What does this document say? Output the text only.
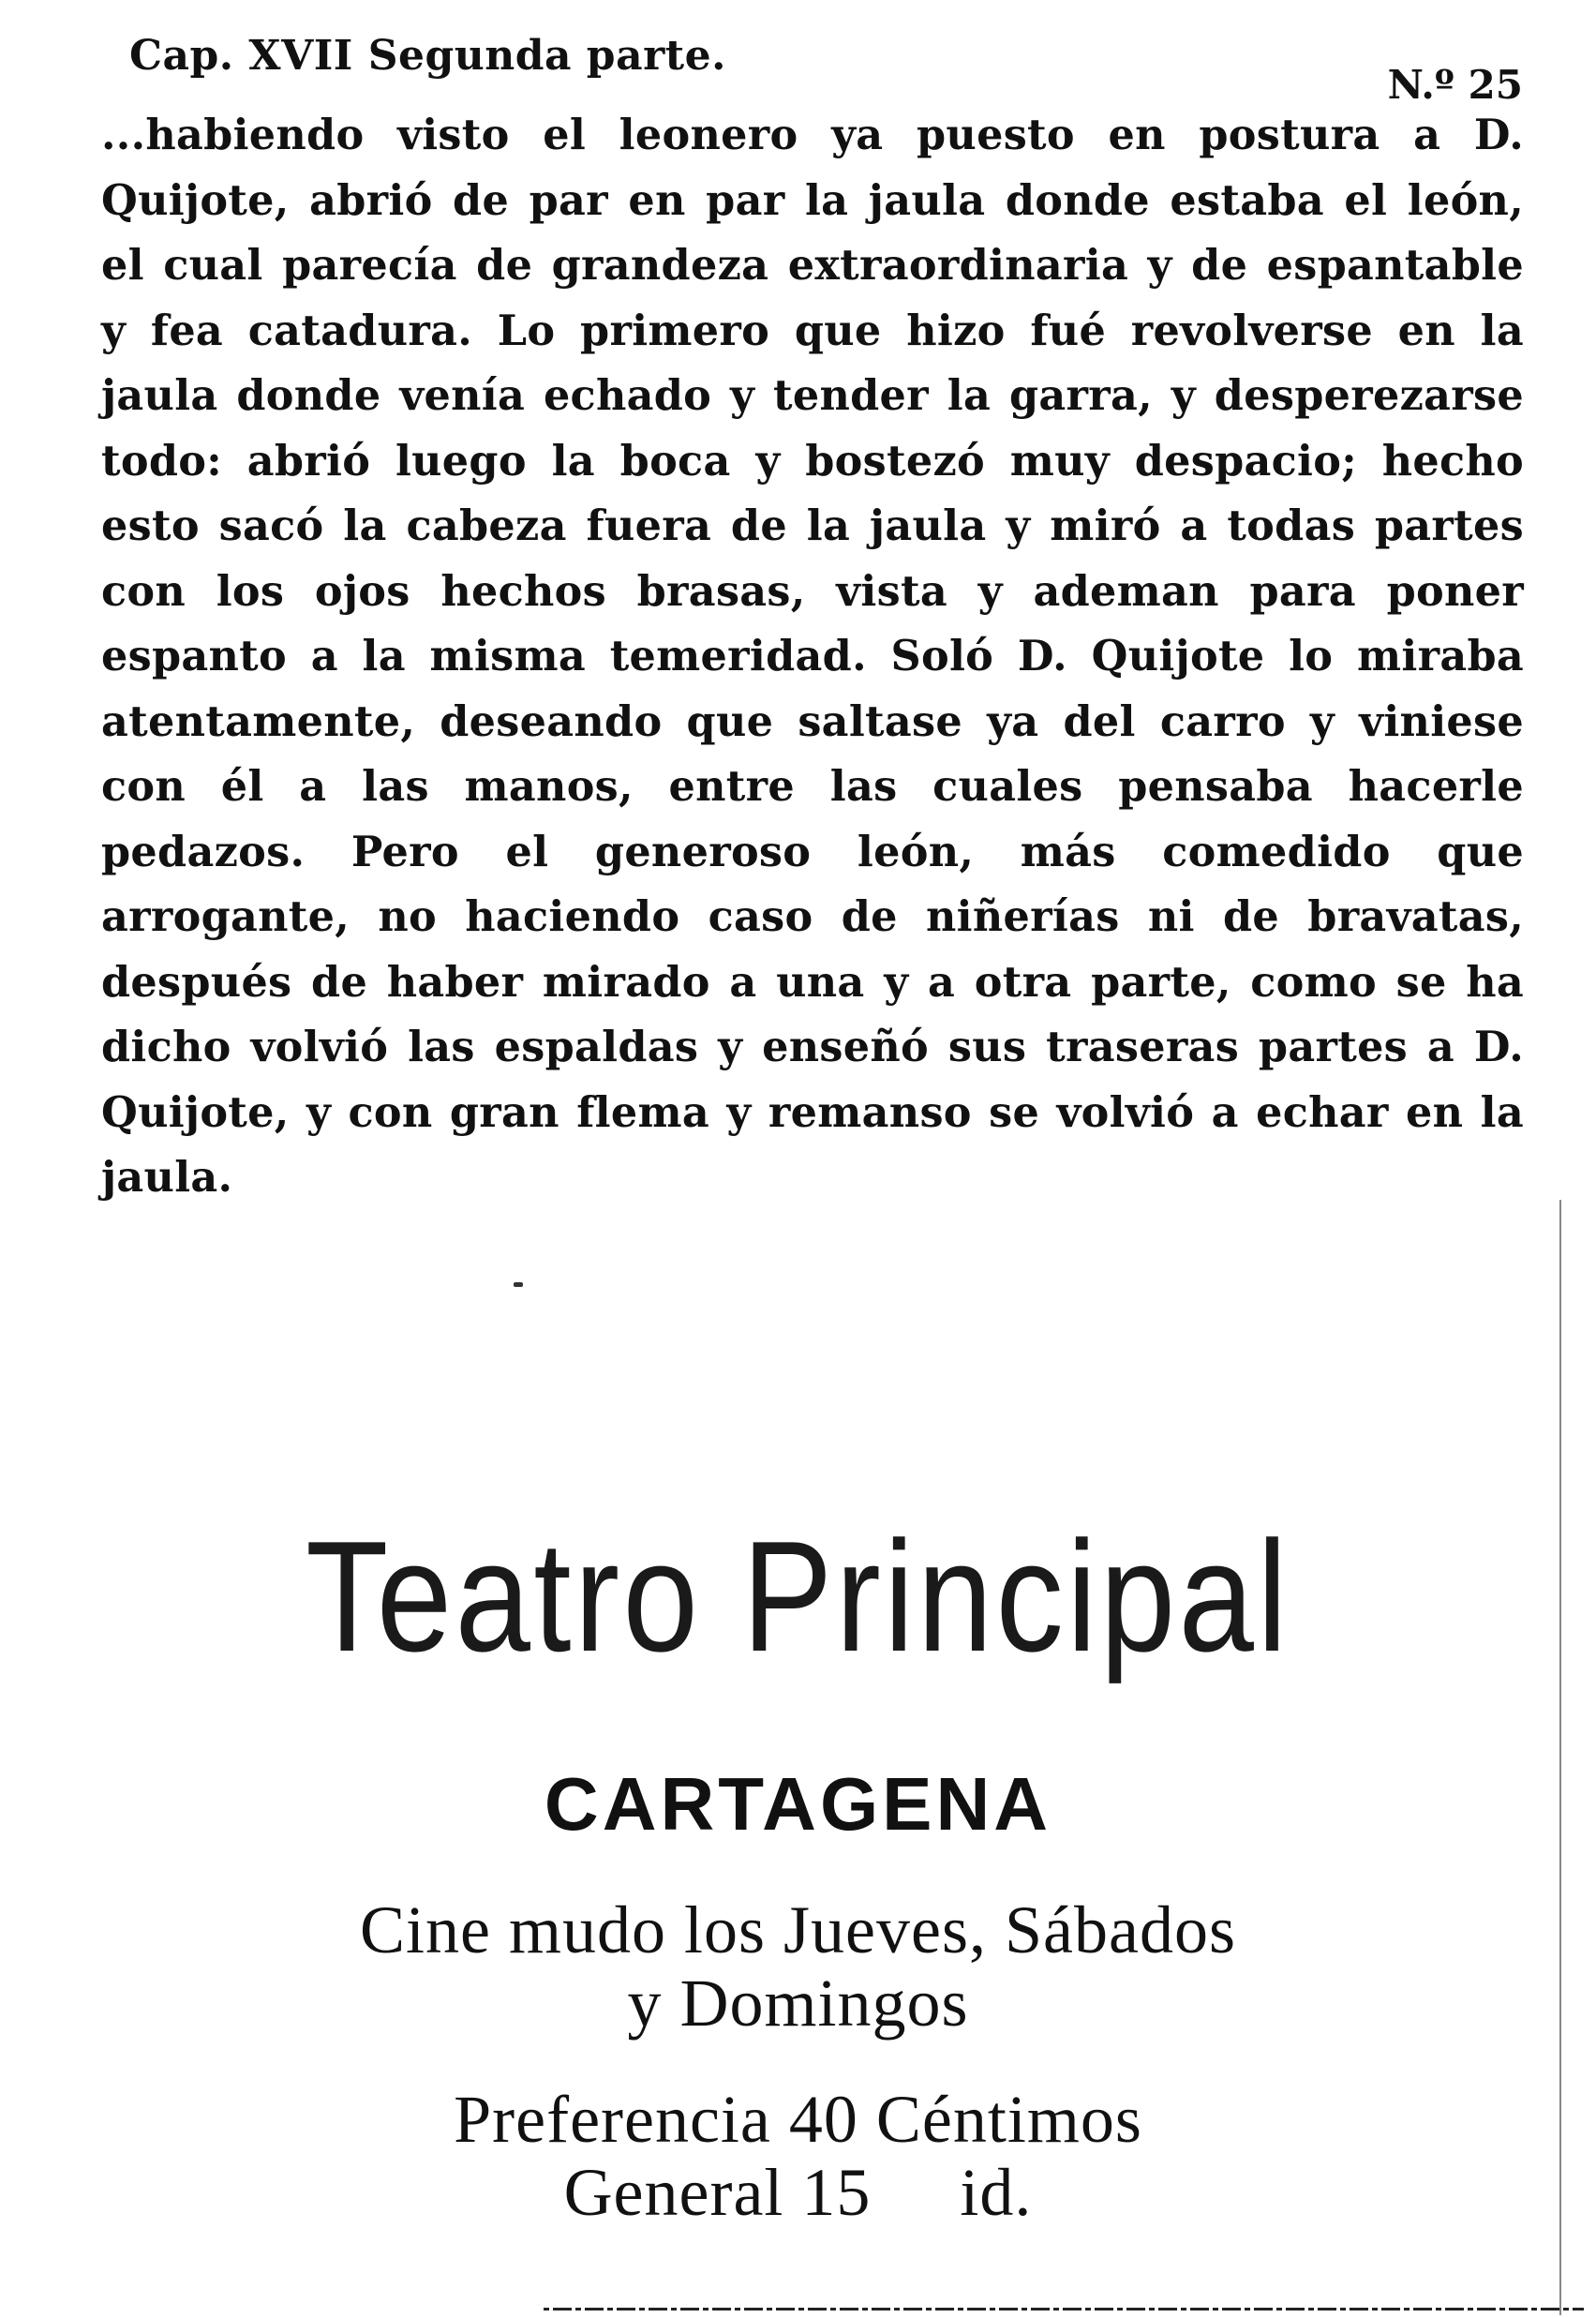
Cap. XVII Segunda parte.
N.º 25
...habiendo visto el leonero ya puesto en postura a D. Quijote, abrió de par en par la jaula donde estaba el león, el cual parecía de grandeza extraordinaria y de espantable y fea catadura. Lo primero que hizo fué revolverse en la jaula donde venía echado y tender la garra, y desperezarse todo: abrió luego la boca y bostezó muy despacio; hecho esto sacó la cabeza fuera de la jaula y miró a todas partes con los ojos hechos brasas, vista y ademan para poner espanto a la misma temeridad. Soló D. Quijote lo miraba atentamente, deseando que saltase ya del carro y viniese con él a las manos, entre las cuales pensaba hacerle pedazos. Pero el generoso león, más comedido que arrogante, no haciendo caso de niñerías ni de bravatas, después de haber mirado a una y a otra parte, como se ha dicho volvió las espaldas y enseñó sus traseras partes a D. Quijote, y con gran flema y remanso se volvió a echar en la jaula.
Teatro Principal
CARTAGENA
Cine mudo los Jueves, Sábados
y Domingos
Preferencia 40 Céntimos
General 15     id.
